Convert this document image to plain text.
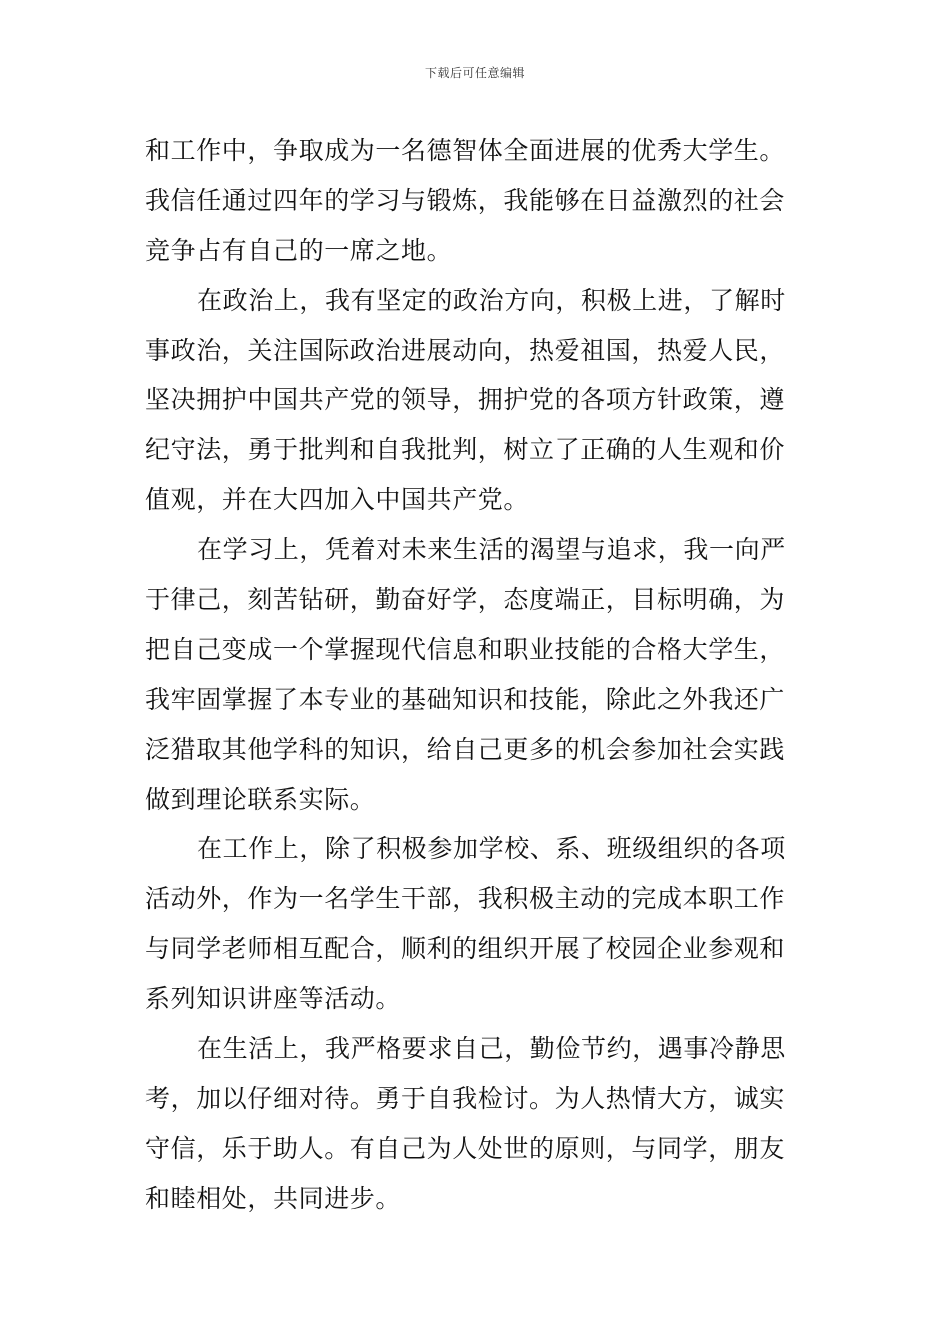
下载后可任意编辑
和工作中，争取成为一名德智体全面进展的优秀大学生。
我信任通过四年的学习与锻炼，我能够在日益激烈的社会
竞争占有自己的一席之地。
在政治上，我有坚定的政治方向，积极上进，了解时
事政治，关注国际政治进展动向，热爱祖国，热爱人民，
坚决拥护中国共产党的领导，拥护党的各项方针政策，遵
纪守法，勇于批判和自我批判，树立了正确的人生观和价
值观，并在大四加入中国共产党。
在学习上，凭着对未来生活的渴望与追求，我一向严
于律己，刻苦钻研，勤奋好学，态度端正，目标明确，为
把自己变成一个掌握现代信息和职业技能的合格大学生，
我牢固掌握了本专业的基础知识和技能，除此之外我还广
泛猎取其他学科的知识，给自己更多的机会参加社会实践
做到理论联系实际。
在工作上，除了积极参加学校、系、班级组织的各项
活动外，作为一名学生干部，我积极主动的完成本职工作
与同学老师相互配合，顺利的组织开展了校园企业参观和
系列知识讲座等活动。
在生活上，我严格要求自己，勤俭节约，遇事冷静思
考，加以仔细对待。勇于自我检讨。为人热情大方，诚实
守信，乐于助人。有自己为人处世的原则，与同学，朋友
和睦相处，共同进步。
